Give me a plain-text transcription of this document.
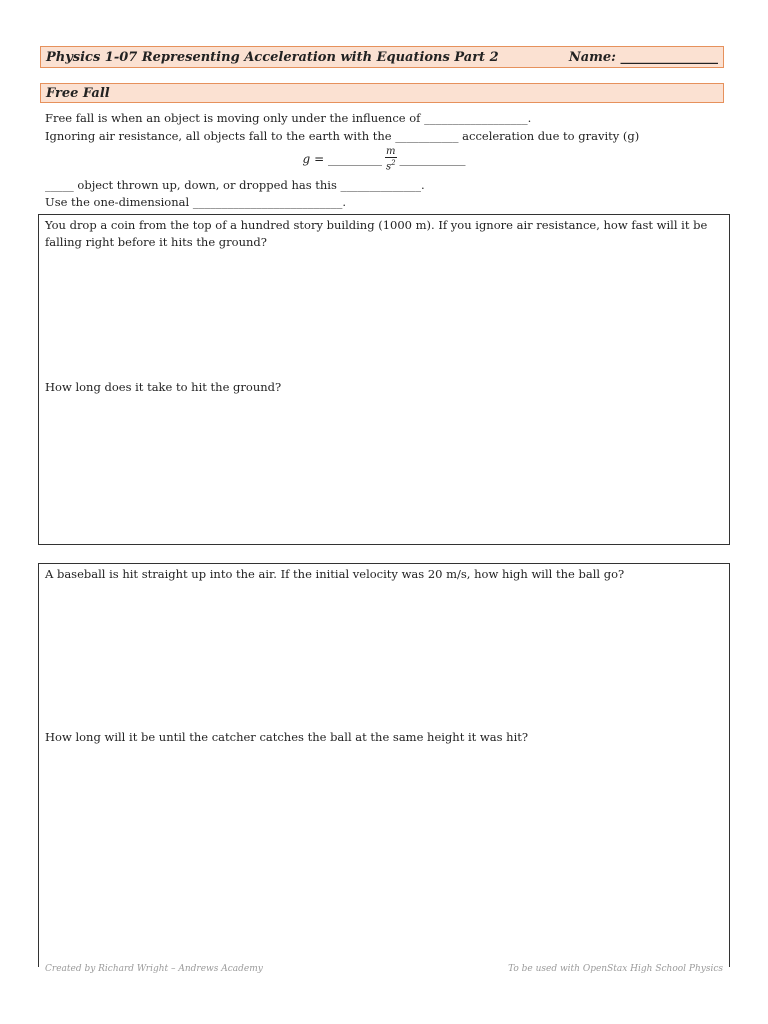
Physics 1-07 Representing Acceleration with Equations Part 2	Name: _______________
Free Fall
Free fall is when an object is moving only under the influence of __________________.
Ignoring air resistance, all objects fall to the earth with the ___________ acceleration due to gravity (g)
g = _________ $\frac{m}{s^2}$ ___________
_____ object thrown up, down, or dropped has this ______________.
Use the one-dimensional __________________________.
You drop a coin from the top of a hundred story building (1000 m). If you ignore air resistance, how fast will it be falling right before it hits the ground?
How long does it take to hit the ground?
A baseball is hit straight up into the air. If the initial velocity was 20 m/s, how high will the ball go?
How long will it be until the catcher catches the ball at the same height it was hit?
Created by Richard Wright – Andrews Academy	To be used with OpenStax High School Physics
